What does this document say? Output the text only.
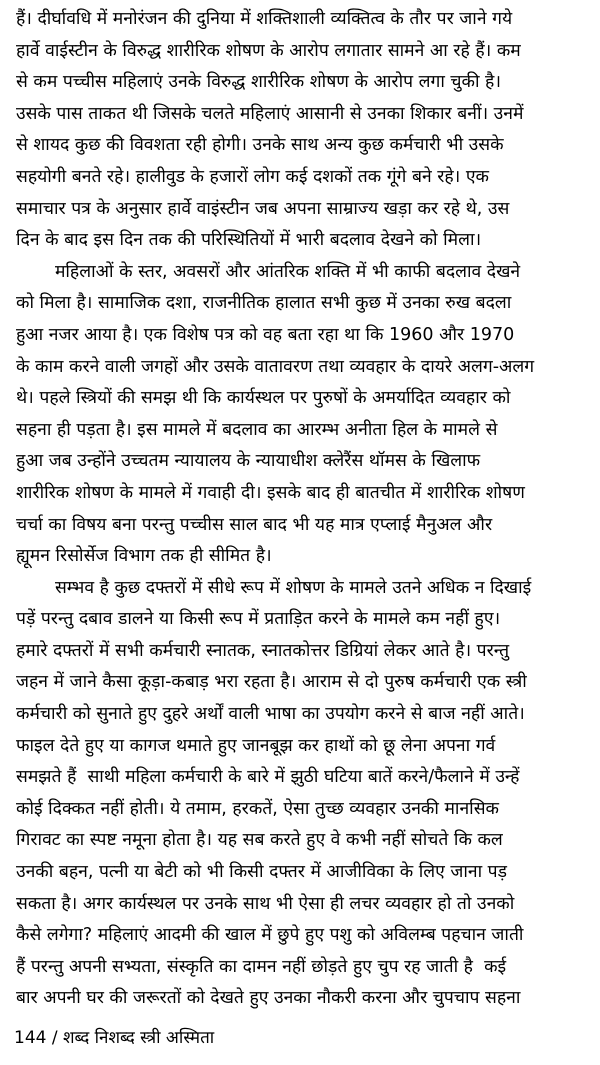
हैं। दीर्घावधि में मनोरंजन की दुनिया में शक्तिशाली व्यक्तित्व के तौर पर जाने गये
हार्वे वाईस्टीन के विरुद्ध शारीरिक शोषण के आरोप लगातार सामने आ रहे हैं। कम
से कम पच्चीस महिलाएं उनके विरुद्ध शारीरिक शोषण के आरोप लगा चुकी है।
उसके पास ताकत थी जिसके चलते महिलाएं आसानी से उनका शिकार बनीं। उनमें
से शायद कुछ की विवशता रही होगी। उनके साथ अन्य कुछ कर्मचारी भी उसके
सहयोगी बनते रहे। हालीवुड के हजारों लोग कई दशकों तक गूंगे बने रहे। एक
समाचार पत्र के अनुसार हार्वे वाइंस्टीन जब अपना साम्राज्य खड़ा कर रहे थे, उस
दिन के बाद इस दिन तक की परिस्थितियों में भारी बदलाव देखने को मिला।
महिलाओं के स्तर, अवसरों और आंतरिक शक्ति में भी काफी बदलाव देखने
को मिला है। सामाजिक दशा, राजनीतिक हालात सभी कुछ में उनका रुख बदला
हुआ नजर आया है। एक विशेष पत्र को वह बता रहा था कि 1960 और 1970
के काम करने वाली जगहों और उसके वातावरण तथा व्यवहार के दायरे अलग-अलग
थे। पहले स्त्रियों की समझ थी कि कार्यस्थल पर पुरुषों के अमर्यादित व्यवहार को
सहना ही पड़ता है। इस मामले में बदलाव का आरम्भ अनीता हिल के मामले से
हुआ जब उन्होंने उच्चतम न्यायालय के न्यायाधीश क्लेरैंस थॉमस के खिलाफ
शारीरिक शोषण के मामले में गवाही दी। इसके बाद ही बातचीत में शारीरिक शोषण
चर्चा का विषय बना परन्तु पच्चीस साल बाद भी यह मात्र एप्लाई मैनुअल और
ह्यूमन रिसोर्सेज विभाग तक ही सीमित है।
सम्भव है कुछ दफ्तरों में सीधे रूप में शोषण के मामले उतने अधिक न दिखाई
पड़ें परन्तु दबाव डालने या किसी रूप में प्रताड़ित करने के मामले कम नहीं हुए।
हमारे दफ्तरों में सभी कर्मचारी स्नातक, स्नातकोत्तर डिग्रियां लेकर आते है। परन्तु
जहन में जाने कैसा कूड़ा-कबाड़ भरा रहता है। आराम से दो पुरुष कर्मचारी एक स्त्री
कर्मचारी को सुनाते हुए दुहरे अर्थों वाली भाषा का उपयोग करने से बाज नहीं आते।
फाइल देते हुए या कागज थमाते हुए जानबूझ कर हाथों को छू लेना अपना गर्व
समझते हैं  साथी महिला कर्मचारी के बारे में झुठी घटिया बातें करने/फैलाने में उन्हें
कोई दिक्कत नहीं होती। ये तमाम, हरकतें, ऐसा तुच्छ व्यवहार उनकी मानसिक
गिरावट का स्पष्ट नमूना होता है। यह सब करते हुए वे कभी नहीं सोचते कि कल
उनकी बहन, पत्नी या बेटी को भी किसी दफ्तर में आजीविका के लिए जाना पड़
सकता है। अगर कार्यस्थल पर उनके साथ भी ऐसा ही लचर व्यवहार हो तो उनको
कैसे लगेगा? महिलाएं आदमी की खाल में छुपे हुए पशु को अविलम्ब पहचान जाती
हैं परन्तु अपनी सभ्यता, संस्कृति का दामन नहीं छोड़ते हुए चुप रह जाती है  कई
बार अपनी घर की जरूरतों को देखते हुए उनका नौकरी करना और चुपचाप सहना
144 / शब्द निशब्द स्त्री अस्मिता
